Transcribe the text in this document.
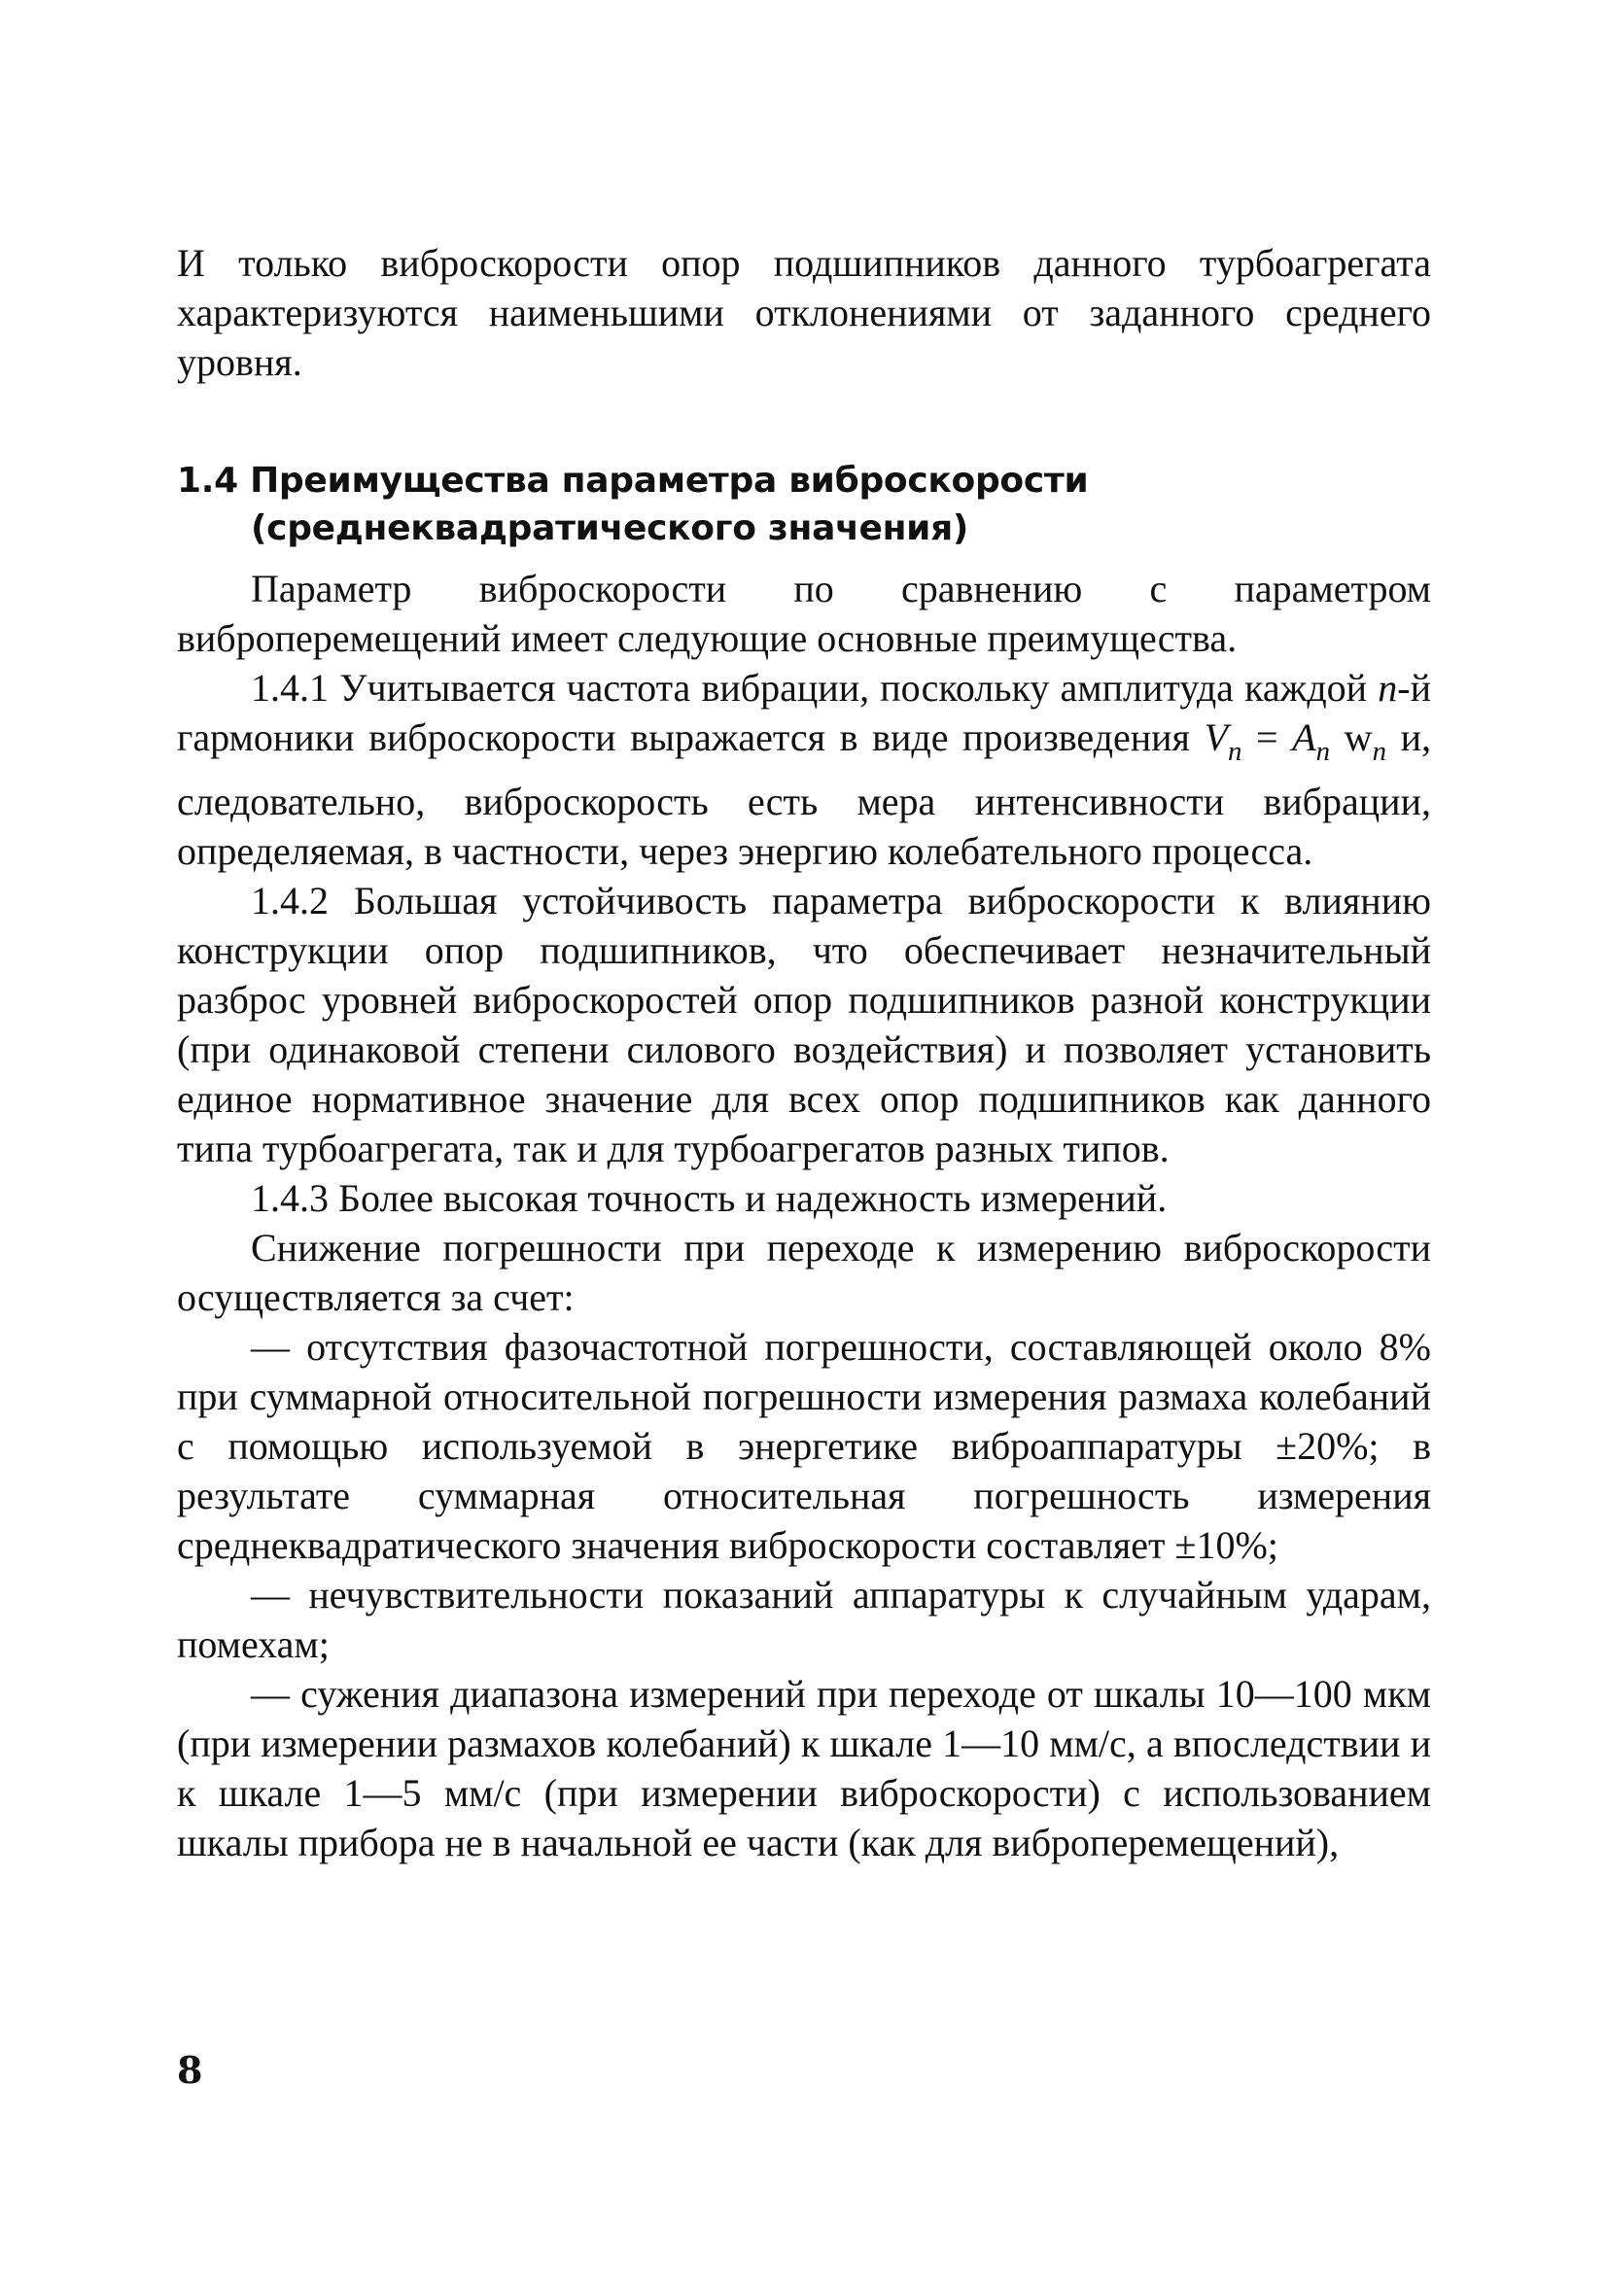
И только виброскорости опор подшипников данного турбоагрегата характеризуются наименьшими отклонениями от заданного среднего уровня.

1.4 Преимущества параметра виброскорости (среднеквадратического значения)

Параметр виброскорости по сравнению с параметром виброперемещений имеет следующие основные преимущества.

1.4.1 Учитывается частота вибрации, поскольку амплитуда каждой n-й гармоники виброскорости выражается в виде произведения $V_n = A_n$ $w_n$ и, следовательно, виброскорость есть мера интенсивности вибрации, определяемая, в частности, через энергию колебательного процесса.

1.4.2 Большая устойчивость параметра виброскорости к влиянию конструкции опор подшипников, что обеспечивает незначительный разброс уровней виброскоростей опор подшипников разной конструкции (при одинаковой степени силового воздействия) и позволяет установить единое нормативное значение для всех опор подшипников как данного типа турбоагрегата, так и для турбоагрегатов разных типов.

1.4.3 Более высокая точность и надежность измерений.

Снижение погрешности при переходе к измерению виброскорости осуществляется за счет:

— отсутствия фазочастотной погрешности, составляющей около 8% при суммарной относительной погрешности измерения размаха колебаний с помощью используемой в энергетике виброаппаратуры ±20%; в результате суммарная относительная погрешность измерения среднеквадратического значения виброскорости составляет ±10%;

— нечувствительности показаний аппаратуры к случайным ударам, помехам;

— сужения диапазона измерений при переходе от шкалы 10—100 мкм (при измерении размахов колебаний) к шкале 1—10 мм/с, а впоследствии и к шкале 1—5 мм/с (при измерении виброскорости) с использованием шкалы прибора не в начальной ее части (как для виброперемещений),

8
